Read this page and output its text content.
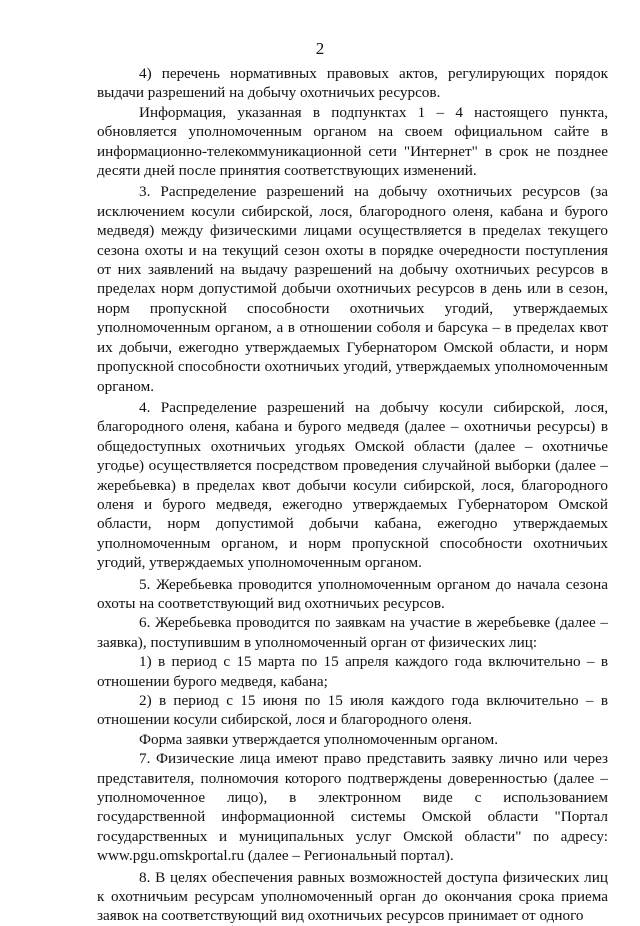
2

4) перечень нормативных правовых актов, регулирующих порядок выдачи разрешений на добычу охотничьих ресурсов.

Информация, указанная в подпунктах 1 – 4 настоящего пункта, обновляется уполномоченным органом на своем официальном сайте в информационно-телекоммуникационной сети "Интернет" в срок не позднее десяти дней после принятия соответствующих изменений.

3. Распределение разрешений на добычу охотничьих ресурсов (за исключением косули сибирской, лося, благородного оленя, кабана и бурого медведя) между физическими лицами осуществляется в пределах текущего сезона охоты и на текущий сезон охоты в порядке очередности поступления от них заявлений на выдачу разрешений на добычу охотничьих ресурсов в пределах норм допустимой добычи охотничьих ресурсов в день или в сезон, норм пропускной способности охотничьих угодий, утверждаемых уполномоченным органом, а в отношении соболя и барсука – в пределах квот их добычи, ежегодно утверждаемых Губернатором Омской области, и норм пропускной способности охотничьих угодий, утверждаемых уполномоченным органом.

4. Распределение разрешений на добычу косули сибирской, лося, благородного оленя, кабана и бурого медведя (далее – охотничьи ресурсы) в общедоступных охотничьих угодьях Омской области (далее – охотничье угодье) осуществляется посредством проведения случайной выборки (далее – жеребьевка) в пределах квот добычи косули сибирской, лося, благородного оленя и бурого медведя, ежегодно утверждаемых Губернатором Омской области, норм допустимой добычи кабана, ежегодно утверждаемых уполномоченным органом, и норм пропускной способности охотничьих угодий, утверждаемых уполномоченным органом.

5. Жеребьевка проводится уполномоченным органом до начала сезона охоты на соответствующий вид охотничьих ресурсов.

6. Жеребьевка проводится по заявкам на участие в жеребьевке (далее – заявка), поступившим в уполномоченный орган от физических лиц:

1) в период с 15 марта по 15 апреля каждого года включительно – в отношении бурого медведя, кабана;

2) в период с 15 июня по 15 июля каждого года включительно – в отношении косули сибирской, лося и благородного оленя.

Форма заявки утверждается уполномоченным органом.

7. Физические лица имеют право представить заявку лично или через представителя, полномочия которого подтверждены доверенностью (далее – уполномоченное лицо), в электронном виде с использованием государственной информационной системы Омской области "Портал государственных и муниципальных услуг Омской области" по адресу: www.pgu.omskportal.ru (далее – Региональный портал).

8. В целях обеспечения равных возможностей доступа физических лиц к охотничьим ресурсам уполномоченный орган до окончания срока приема заявок на соответствующий вид охотничьих ресурсов принимает от одного
